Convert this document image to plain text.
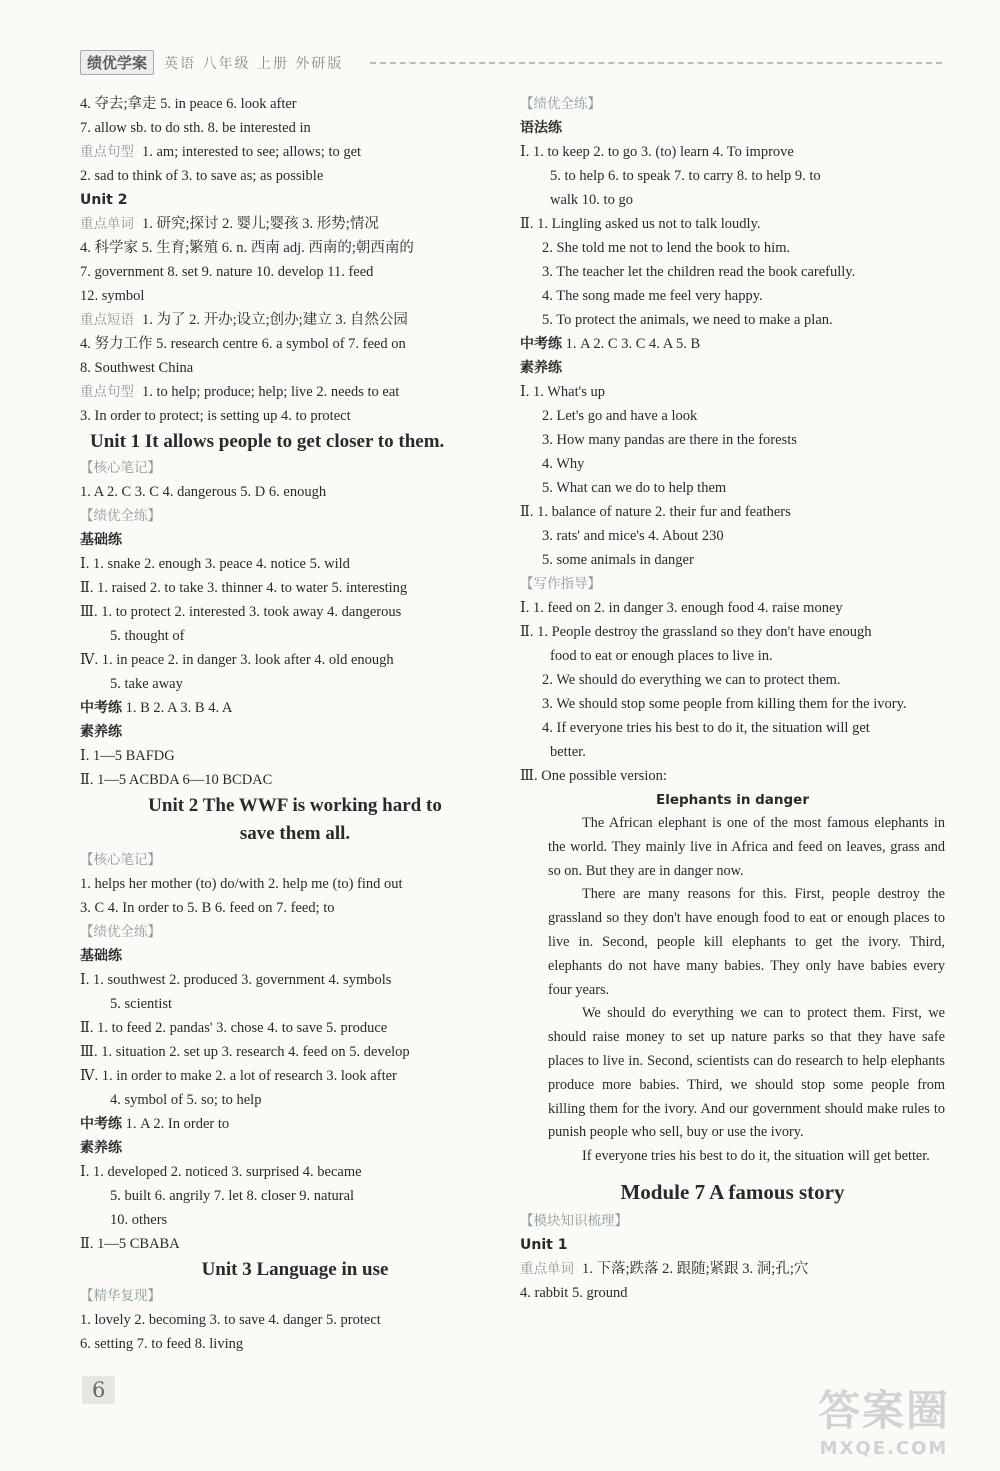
绩优学案 英语 八年级 上册 外研版
4. 夺去;拿走 5. in peace 6. look after
7. allow sb. to do sth. 8. be interested in
重点句型 1. am; interested to see; allows; to get
2. sad to think of 3. to save as; as possible
Unit 2
重点单词 1. 研究;探讨 2. 婴儿;婴孩 3. 形势;情况
4. 科学家 5. 生育;繁殖 6. n. 西南 adj. 西南的;朝西南的
7. government 8. set 9. nature 10. develop 11. feed
12. symbol
重点短语 1. 为了 2. 开办;设立;创办;建立 3. 自然公园
4. 努力工作 5. research centre 6. a symbol of 7. feed on
8. Southwest China
重点句型 1. to help; produce; help; live 2. needs to eat
3. In order to protect; is setting up 4. to protect
Unit 1 It allows people to get closer to them.
【核心笔记】
1. A 2. C 3. C 4. dangerous 5. D 6. enough
【绩优全练】
基础练
Ⅰ. 1. snake 2. enough 3. peace 4. notice 5. wild
Ⅱ. 1. raised 2. to take 3. thinner 4. to water 5. interesting
Ⅲ. 1. to protect 2. interested 3. took away 4. dangerous
5. thought of
Ⅳ. 1. in peace 2. in danger 3. look after 4. old enough
5. take away
中考练 1. B 2. A 3. B 4. A
素养练
Ⅰ. 1—5 BAFDG
Ⅱ. 1—5 ACBDA 6—10 BCDAC
Unit 2 The WWF is working hard to
save them all.
【核心笔记】
1. helps her mother (to) do/with 2. help me (to) find out
3. C 4. In order to 5. B 6. feed on 7. feed; to
【绩优全练】
基础练
Ⅰ. 1. southwest 2. produced 3. government 4. symbols
5. scientist
Ⅱ. 1. to feed 2. pandas' 3. chose 4. to save 5. produce
Ⅲ. 1. situation 2. set up 3. research 4. feed on 5. develop
Ⅳ. 1. in order to make 2. a lot of research 3. look after
4. symbol of 5. so; to help
中考练 1. A 2. In order to
素养练
Ⅰ. 1. developed 2. noticed 3. surprised 4. became
5. built 6. angrily 7. let 8. closer 9. natural
10. others
Ⅱ. 1—5 CBABA
Unit 3 Language in use
【精华复现】
1. lovely 2. becoming 3. to save 4. danger 5. protect
6. setting 7. to feed 8. living
【绩优全练】
语法练
Ⅰ. 1. to keep 2. to go 3. (to) learn 4. To improve
5. to help 6. to speak 7. to carry 8. to help 9. to
walk 10. to go
Ⅱ. 1. Lingling asked us not to talk loudly.
2. She told me not to lend the book to him.
3. The teacher let the children read the book carefully.
4. The song made me feel very happy.
5. To protect the animals, we need to make a plan.
中考练 1. A 2. C 3. C 4. A 5. B
素养练
Ⅰ. 1. What's up
2. Let's go and have a look
3. How many pandas are there in the forests
4. Why
5. What can we do to help them
Ⅱ. 1. balance of nature 2. their fur and feathers
3. rats' and mice's 4. About 230
5. some animals in danger
【写作指导】
Ⅰ. 1. feed on 2. in danger 3. enough food 4. raise money
Ⅱ. 1. People destroy the grassland so they don't have enough
food to eat or enough places to live in.
2. We should do everything we can to protect them.
3. We should stop some people from killing them for the ivory.
4. If everyone tries his best to do it, the situation will get
better.
Ⅲ. One possible version:
Elephants in danger

The African elephant is one of the most famous elephants in the world. They mainly live in Africa and feed on leaves, grass and so on. But they are in danger now.

There are many reasons for this. First, people destroy the grassland so they don't have enough food to eat or enough places to live in. Second, people kill elephants to get the ivory. Third, elephants do not have many babies. They only have babies every four years.

We should do everything we can to protect them. First, we should raise money to set up nature parks so that they have safe places to live in. Second, scientists can do research to help elephants produce more babies. Third, we should stop some people from killing them for the ivory. And our government should make rules to punish people who sell, buy or use the ivory.

If everyone tries his best to do it, the situation will get better.

Module 7 A famous story
【模块知识梳理】
Unit 1
重点单词 1. 下落;跌落 2. 跟随;紧跟 3. 洞;孔;穴
4. rabbit 5. ground
6	答案圈
MXQE.COM
